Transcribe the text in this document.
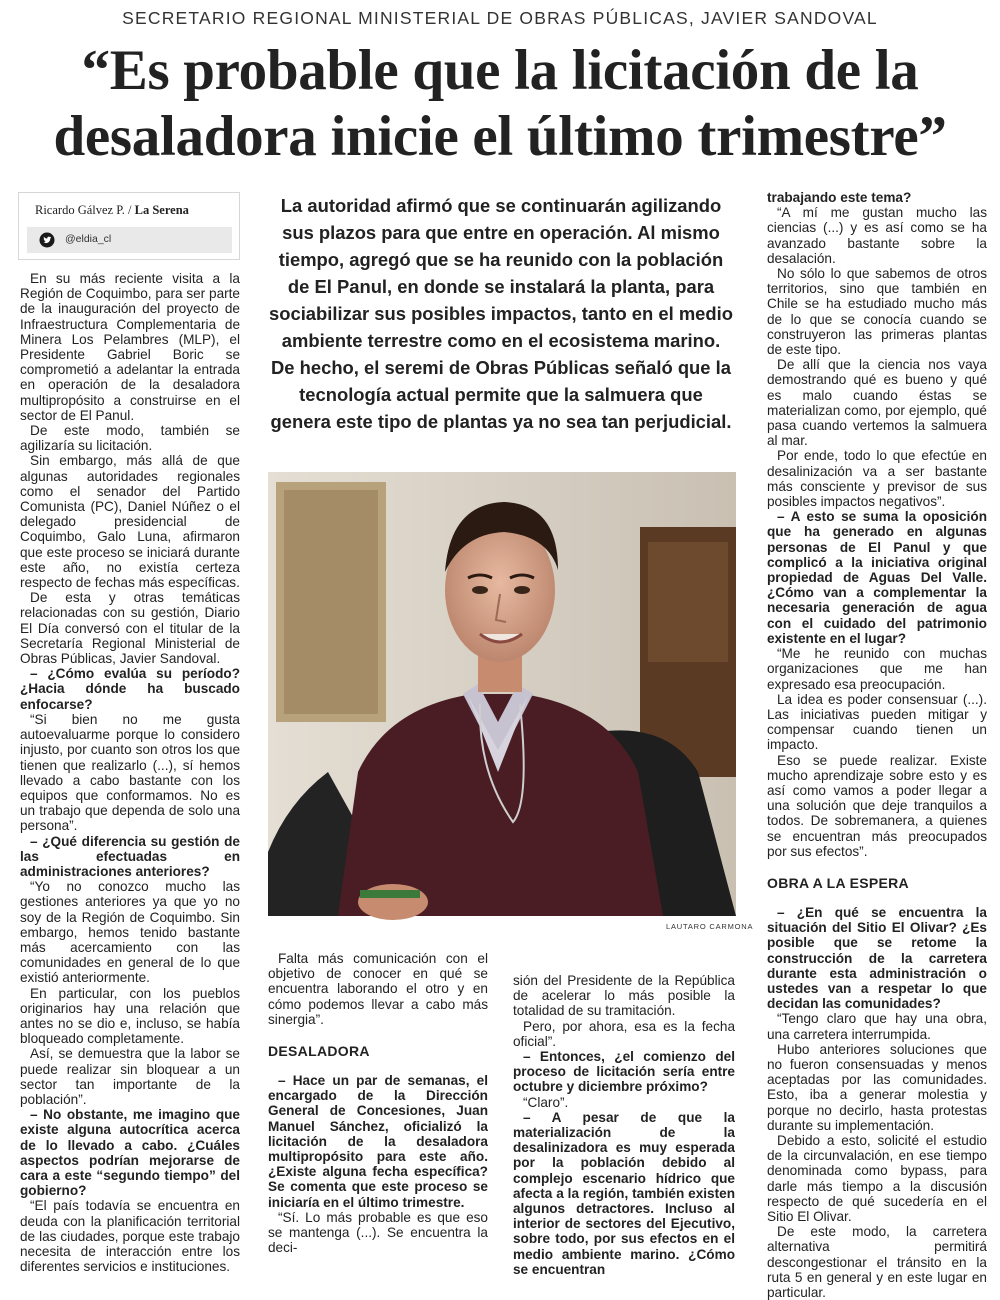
SECRETARIO REGIONAL MINISTERIAL DE OBRAS PÚBLICAS, JAVIER SANDOVAL
“Es probable que la licitación de la
desaladora inicie el último trimestre”
Ricardo Gálvez P. / La Serena
@eldia_cl
La autoridad afirmó que se continuarán agilizando sus plazos para que entre en operación. Al mismo tiempo, agregó que se ha reunido con la población de El Panul, en donde se instalará la planta, para sociabilizar sus posibles impactos, tanto en el medio ambiente terrestre como en el ecosistema marino. De hecho, el seremi de Obras Públicas señaló que la tecnología actual permite que la salmuera que genera este tipo de plantas ya no sea tan perjudicial.

En su más reciente visita a la Región de Coquimbo, para ser parte de la inauguración del proyecto de Infraestructura Complementaria de Minera Los Pelambres (MLP), el Presidente Gabriel Boric se comprometió a adelantar la entrada en operación de la desaladora multipropósito a construirse en el sector de El Panul.

De este modo, también se agilizaría su licitación.

Sin embargo, más allá de que algunas autoridades regionales como el senador del Partido Comunista (PC), Daniel Núñez o el delegado presidencial de Coquimbo, Galo Luna, afirmaron que este proceso se iniciará durante este año, no existía certeza respecto de fechas más específicas.

De esta y otras temáticas relacionadas con su gestión, Diario El Día conversó con el titular de la Secretaría Regional Ministerial de Obras Públicas, Javier Sandoval.

– ¿Cómo evalúa su período? ¿Hacia dónde ha buscado enfocarse?

“Si bien no me gusta autoevaluarme porque lo considero injusto, por cuanto son otros los que tienen que realizarlo (...), sí hemos llevado a cabo bastante con los equipos que conformamos. No es un trabajo que dependa de solo una persona”.

– ¿Qué diferencia su gestión de las efectuadas en administraciones anteriores?

“Yo no conozco mucho las gestiones anteriores ya que yo no soy de la Región de Coquimbo. Sin embargo, hemos tenido bastante más acercamiento con las comunidades en general de lo que existió anteriormente.

En particular, con los pueblos originarios hay una relación que antes no se dio e, incluso, se había bloqueado completamente.

Así, se demuestra que la labor se puede realizar sin bloquear a un sector tan importante de la población”.

– No obstante, me imagino que existe alguna autocrítica acerca de lo llevado a cabo. ¿Cuáles aspectos podrían mejorarse de cara a este “segundo tiempo” del gobierno?

“El país todavía se encuentra en deuda con la planificación territorial de las ciudades, porque este trabajo necesita de interacción entre los diferentes servicios e instituciones.

Falta más comunicación con el objetivo de conocer en qué se encuentra laborando el otro y en cómo podemos llevar a cabo más sinergia”.

DESALADORA

– Hace un par de semanas, el encargado de la Dirección General de Concesiones, Juan Manuel Sánchez, oficializó la licitación de la desaladora multipropósito para este año. ¿Existe alguna fecha específica? Se comenta que este proceso se iniciaría en el último trimestre.

“Sí. Lo más probable es que eso se mantenga (...). Se encuentra la deci-

sión del Presidente de la República de acelerar lo más posible la totalidad de su tramitación.

Pero, por ahora, esa es la fecha oficial”.

– Entonces, ¿el comienzo del proceso de licitación sería entre octubre y diciembre próximo?

“Claro”.

– A pesar de que la materialización de la desalinizadora es muy esperada por la población debido al complejo escenario hídrico que afecta a la región, también existen algunos detractores. Incluso al interior de sectores del Ejecutivo, sobre todo, por sus efectos en el medio ambiente marino. ¿Cómo se encuentran

trabajando este tema?

“A mí me gustan mucho las ciencias (...) y es así como se ha avanzado bastante sobre la desalación.

No sólo lo que sabemos de otros territorios, sino que también en Chile se ha estudiado mucho más de lo que se conocía cuando se construyeron las primeras plantas de este tipo.

De allí que la ciencia nos vaya demostrando qué es bueno y qué es malo cuando éstas se materializan como, por ejemplo, qué pasa cuando vertemos la salmuera al mar.

Por ende, todo lo que efectúe en desalinización va a ser bastante más consciente y previsor de sus posibles impactos negativos”.

– A esto se suma la oposición que ha generado en algunas personas de El Panul y que complicó a la iniciativa original propiedad de Aguas Del Valle. ¿Cómo van a complementar la necesaria generación de agua con el cuidado del patrimonio existente en el lugar?

“Me he reunido con muchas organizaciones que me han expresado esa preocupación.

La idea es poder consensuar (...). Las iniciativas pueden mitigar y compensar cuando tienen un impacto.

Eso se puede realizar. Existe mucho aprendizaje sobre esto y es así como vamos a poder llegar a una solución que deje tranquilos a todos. De sobremanera, a quienes se encuentran más preocupados por sus efectos”.

OBRA A LA ESPERA

– ¿En qué se encuentra la situación del Sitio El Olivar? ¿Es posible que se retome la construcción de la carretera durante esta administración o ustedes van a respetar lo que decidan las comunidades?

“Tengo claro que hay una obra, una carretera interrumpida.

Hubo anteriores soluciones que no fueron consensuadas y menos aceptadas por las comunidades. Esto, iba a generar molestia y porque no decirlo, hasta protestas durante su implementación.

Debido a esto, solicité el estudio de la circunvalación, en ese tiempo denominada como bypass, para darle más tiempo a la discusión respecto de qué sucedería en el Sitio El Olivar.

De este modo, la carretera alternativa permitirá descongestionar el tránsito en la ruta 5 en general y en este lugar en particular.

LAUTARO CARMONA
